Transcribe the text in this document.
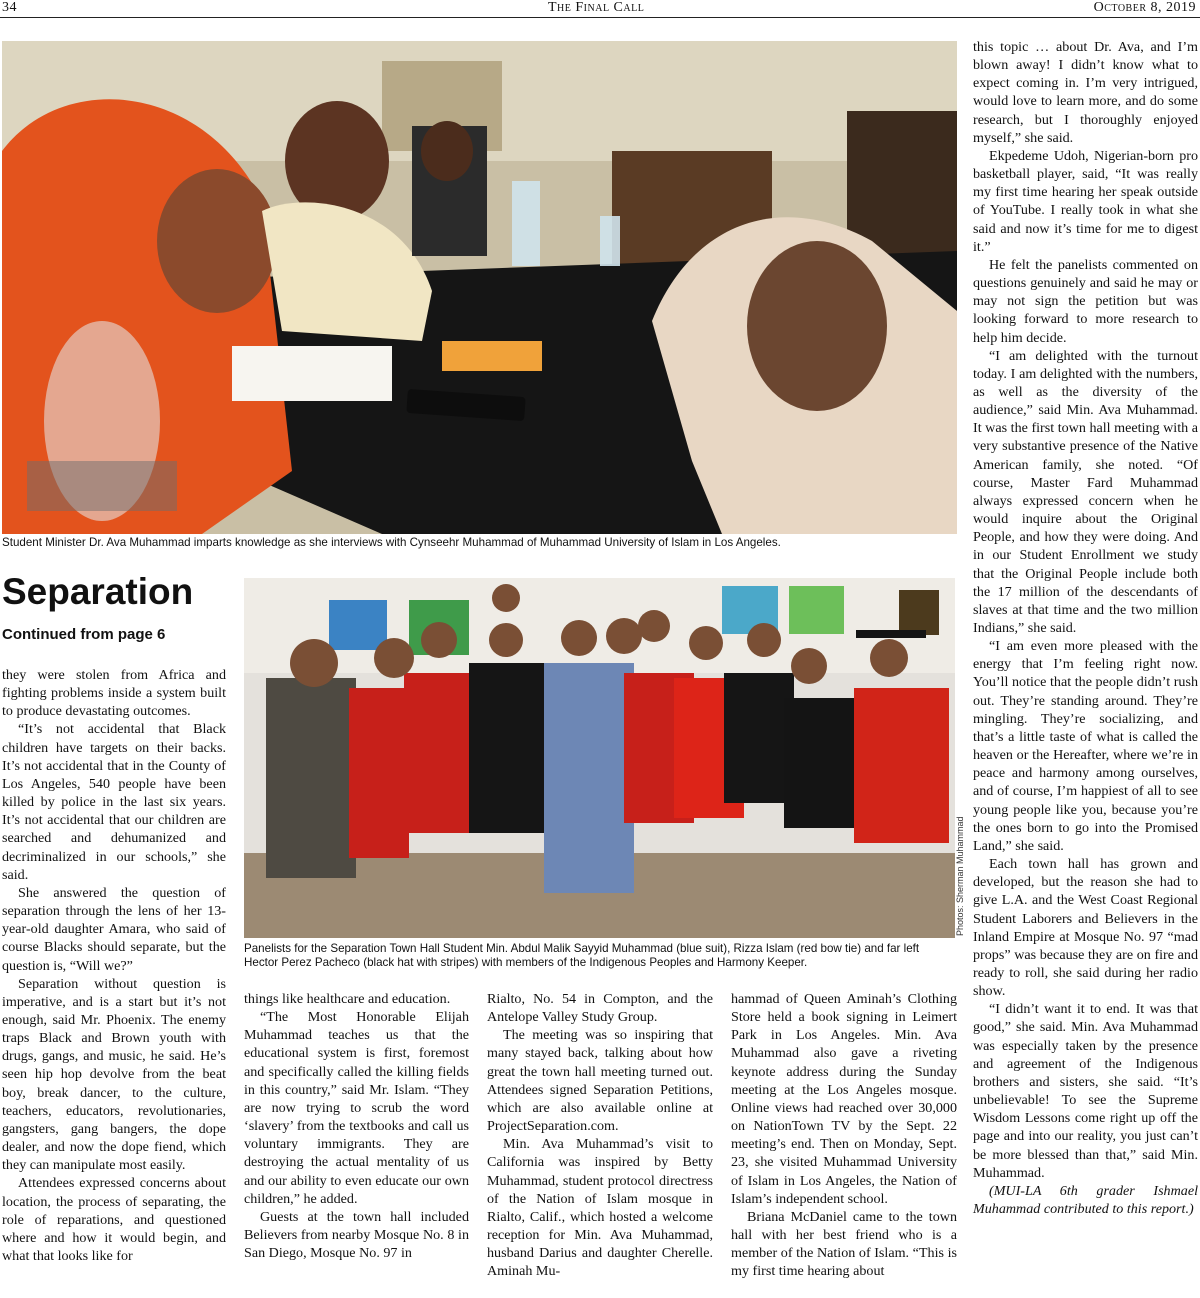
34	The Final Call	October 8, 2019
Student Minister Dr. Ava Muhammad imparts knowledge as she interviews with Cynseehr Muhammad of Muhammad University of Islam in Los Angeles.
Separation
Continued from page 6
Panelists for the Separation Town Hall Student Min. Abdul Malik Sayyid Muhammad (blue suit), Rizza Islam (red bow tie) and far left Hector Perez Pacheco (black hat with stripes) with members of the Indigenous Peoples and Harmony Keeper.
Photos: Sherman Muhammad

they were stolen from Africa and fighting problems inside a system built to produce devastating outcomes.

“It’s not accidental that Black children have targets on their backs. It’s not accidental that in the County of Los Angeles, 540 people have been killed by police in the last six years. It’s not accidental that our children are searched and dehumanized and decriminalized in our schools,” she said.

She answered the question of separation through the lens of her 13-year-old daughter Amara, who said of course Blacks should separate, but the question is, “Will we?”

Separation without question is imperative, and is a start but it’s not enough, said Mr. Phoenix. The enemy traps Black and Brown youth with drugs, gangs, and music, he said. He’s seen hip hop devolve from the beat boy, break dancer, to the culture, teachers, educators, revolutionaries, gangsters, gang bangers, the dope dealer, and now the dope fiend, which they can manipulate most easily.

Attendees expressed concerns about location, the process of separating, the role of reparations, and questioned where and how it would begin, and what that looks like for

things like healthcare and education.

“The Most Honorable Elijah Muhammad teaches us that the educational system is first, foremost and specifically called the killing fields in this country,” said Mr. Islam. “They are now trying to scrub the word ‘slavery’ from the textbooks and call us voluntary immigrants. They are destroying the actual mentality of us and our ability to even educate our own children,” he added.

Guests at the town hall included Believers from nearby Mosque No. 8 in San Diego, Mosque No. 97 in

Rialto, No. 54 in Compton, and the Antelope Valley Study Group.

The meeting was so inspiring that many stayed back, talking about how great the town hall meeting turned out. Attendees signed Separation Petitions, which are also available online at ProjectSeparation.com.

Min. Ava Muhammad’s visit to California was inspired by Betty Muhammad, student protocol directress of the Nation of Islam mosque in Rialto, Calif., which hosted a welcome reception for Min. Ava Muhammad, husband Darius and daughter Cherelle. Aminah Mu-

hammad of Queen Aminah’s Clothing Store held a book signing in Leimert Park in Los Angeles. Min. Ava Muhammad also gave a riveting keynote address during the Sunday meeting at the Los Angeles mosque. Online views had reached over 30,000 on NationTown TV by the Sept. 22 meeting’s end. Then on Monday, Sept. 23, she visited Muhammad University of Islam in Los Angeles, the Nation of Islam’s independent school.

Briana McDaniel came to the town hall with her best friend who is a member of the Nation of Islam. “This is my first time hearing about

this topic … about Dr. Ava, and I’m blown away! I didn’t know what to expect coming in. I’m very intrigued, would love to learn more, and do some research, but I thoroughly enjoyed myself,” she said.

Ekpedeme Udoh, Nigerian-born pro basketball player, said, “It was really my first time hearing her speak outside of YouTube. I really took in what she said and now it’s time for me to digest it.”

He felt the panelists commented on questions genuinely and said he may or may not sign the petition but was looking forward to more research to help him decide.

“I am delighted with the turnout today. I am delighted with the numbers, as well as the diversity of the audience,” said Min. Ava Muhammad. It was the first town hall meeting with a very substantive presence of the Native American family, she noted. “Of course, Master Fard Muhammad always expressed concern when he would inquire about the Original People, and how they were doing. And in our Student Enrollment we study that the Original People include both the 17 million of the descendants of slaves at that time and the two million Indians,” she said.

“I am even more pleased with the energy that I’m feeling right now. You’ll notice that the people didn’t rush out. They’re standing around. They’re mingling. They’re socializing, and that’s a little taste of what is called the heaven or the Hereafter, where we’re in peace and harmony among ourselves, and of course, I’m happiest of all to see young people like you, because you’re the ones born to go into the Promised Land,” she said.

Each town hall has grown and developed, but the reason she had to give L.A. and the West Coast Regional Student Laborers and Believers in the Inland Empire at Mosque No. 97 “mad props” was because they are on fire and ready to roll, she said during her radio show.

“I didn’t want it to end. It was that good,” she said. Min. Ava Muhammad was especially taken by the presence and agreement of the Indigenous brothers and sisters, she said. “It’s unbelievable! To see the Supreme Wisdom Lessons come right up off the page and into our reality, you just can’t be more blessed than that,” said Min. Muhammad.

(MUI-LA 6th grader Ishmael Muhammad contributed to this report.)
